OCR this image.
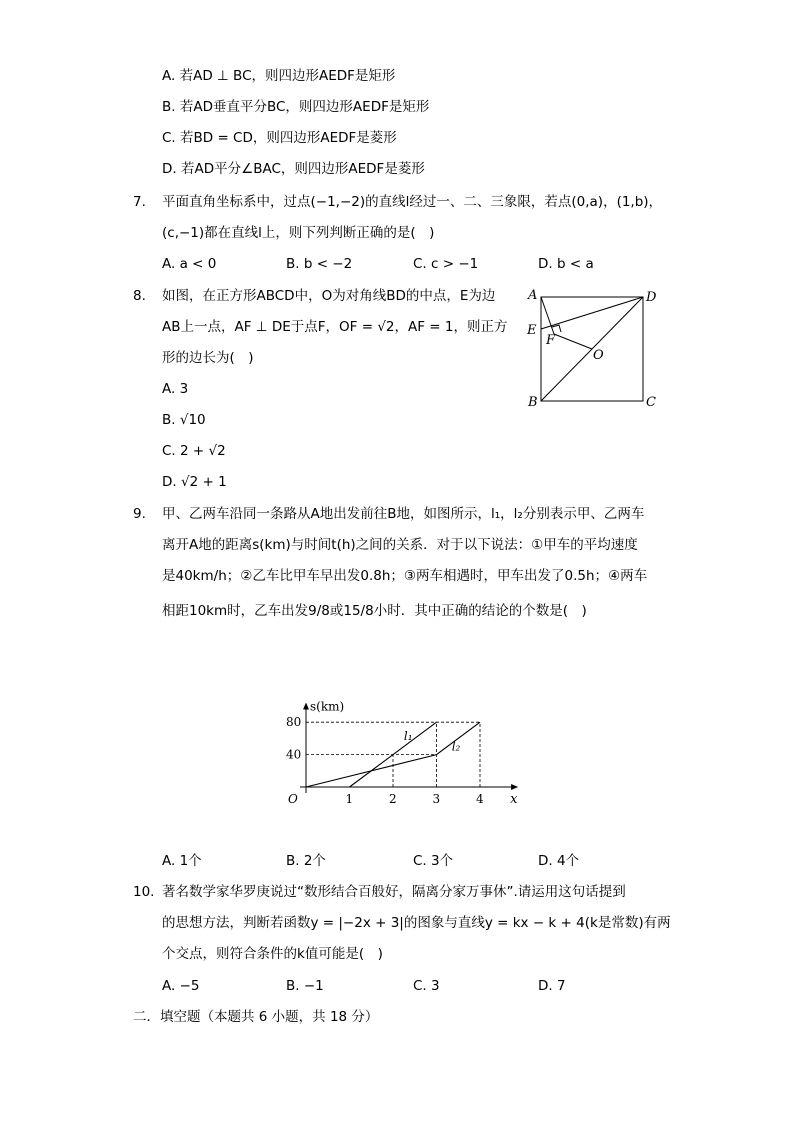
A. 若AD ⊥ BC，则四边形AEDF是矩形
B. 若AD垂直平分BC，则四边形AEDF是矩形
C. 若BD = CD，则四边形AEDF是菱形
D. 若AD平分∠BAC，则四边形AEDF是菱形
7. 平面直角坐标系中，过点(−1,−2)的直线l经过一、二、三象限，若点(0,a)，(1,b)，
(c,−1)都在直线l上，则下列判断正确的是(　)
A. a < 0	B. b < −2	C. c > −1	D. b < a
8. 如图，在正方形ABCD中，O为对角线BD的中点，E为边
AB上一点，AF ⊥ DE于点F，OF = √2，AF = 1，则正方
形的边长为(　)
A. 3
B. √10
C. 2 + √2
D. √2 + 1
A	D
E
F
O
B	C
9. 甲、乙两车沿同一条路从A地出发前往B地，如图所示，l₁，l₂分别表示甲、乙两车
离开A地的距离s(km)与时间t(h)之间的关系．对于以下说法：①甲车的平均速度
是40km/h；②乙车比甲车早出发0.8h；③两车相遇时，甲车出发了0.5h；④两车
相距10km时，乙车出发9/8或15/8小时．其中正确的结论的个数是(　)
l₁
l₂
1	2	3	4
40
80
O	x
s(km)
A. 1个	B. 2个	C. 3个	D. 4个
10. 著名数学家华罗庚说过“数形结合百般好，隔离分家万事休”.请运用这句话提到
的思想方法，判断若函数y = |−2x + 3|的图象与直线y = kx − k + 4(k是常数)有两
个交点，则符合条件的k值可能是(　)
A. −5	B. −1	C. 3	D. 7
二．填空题（本题共 6 小题，共 18 分）
